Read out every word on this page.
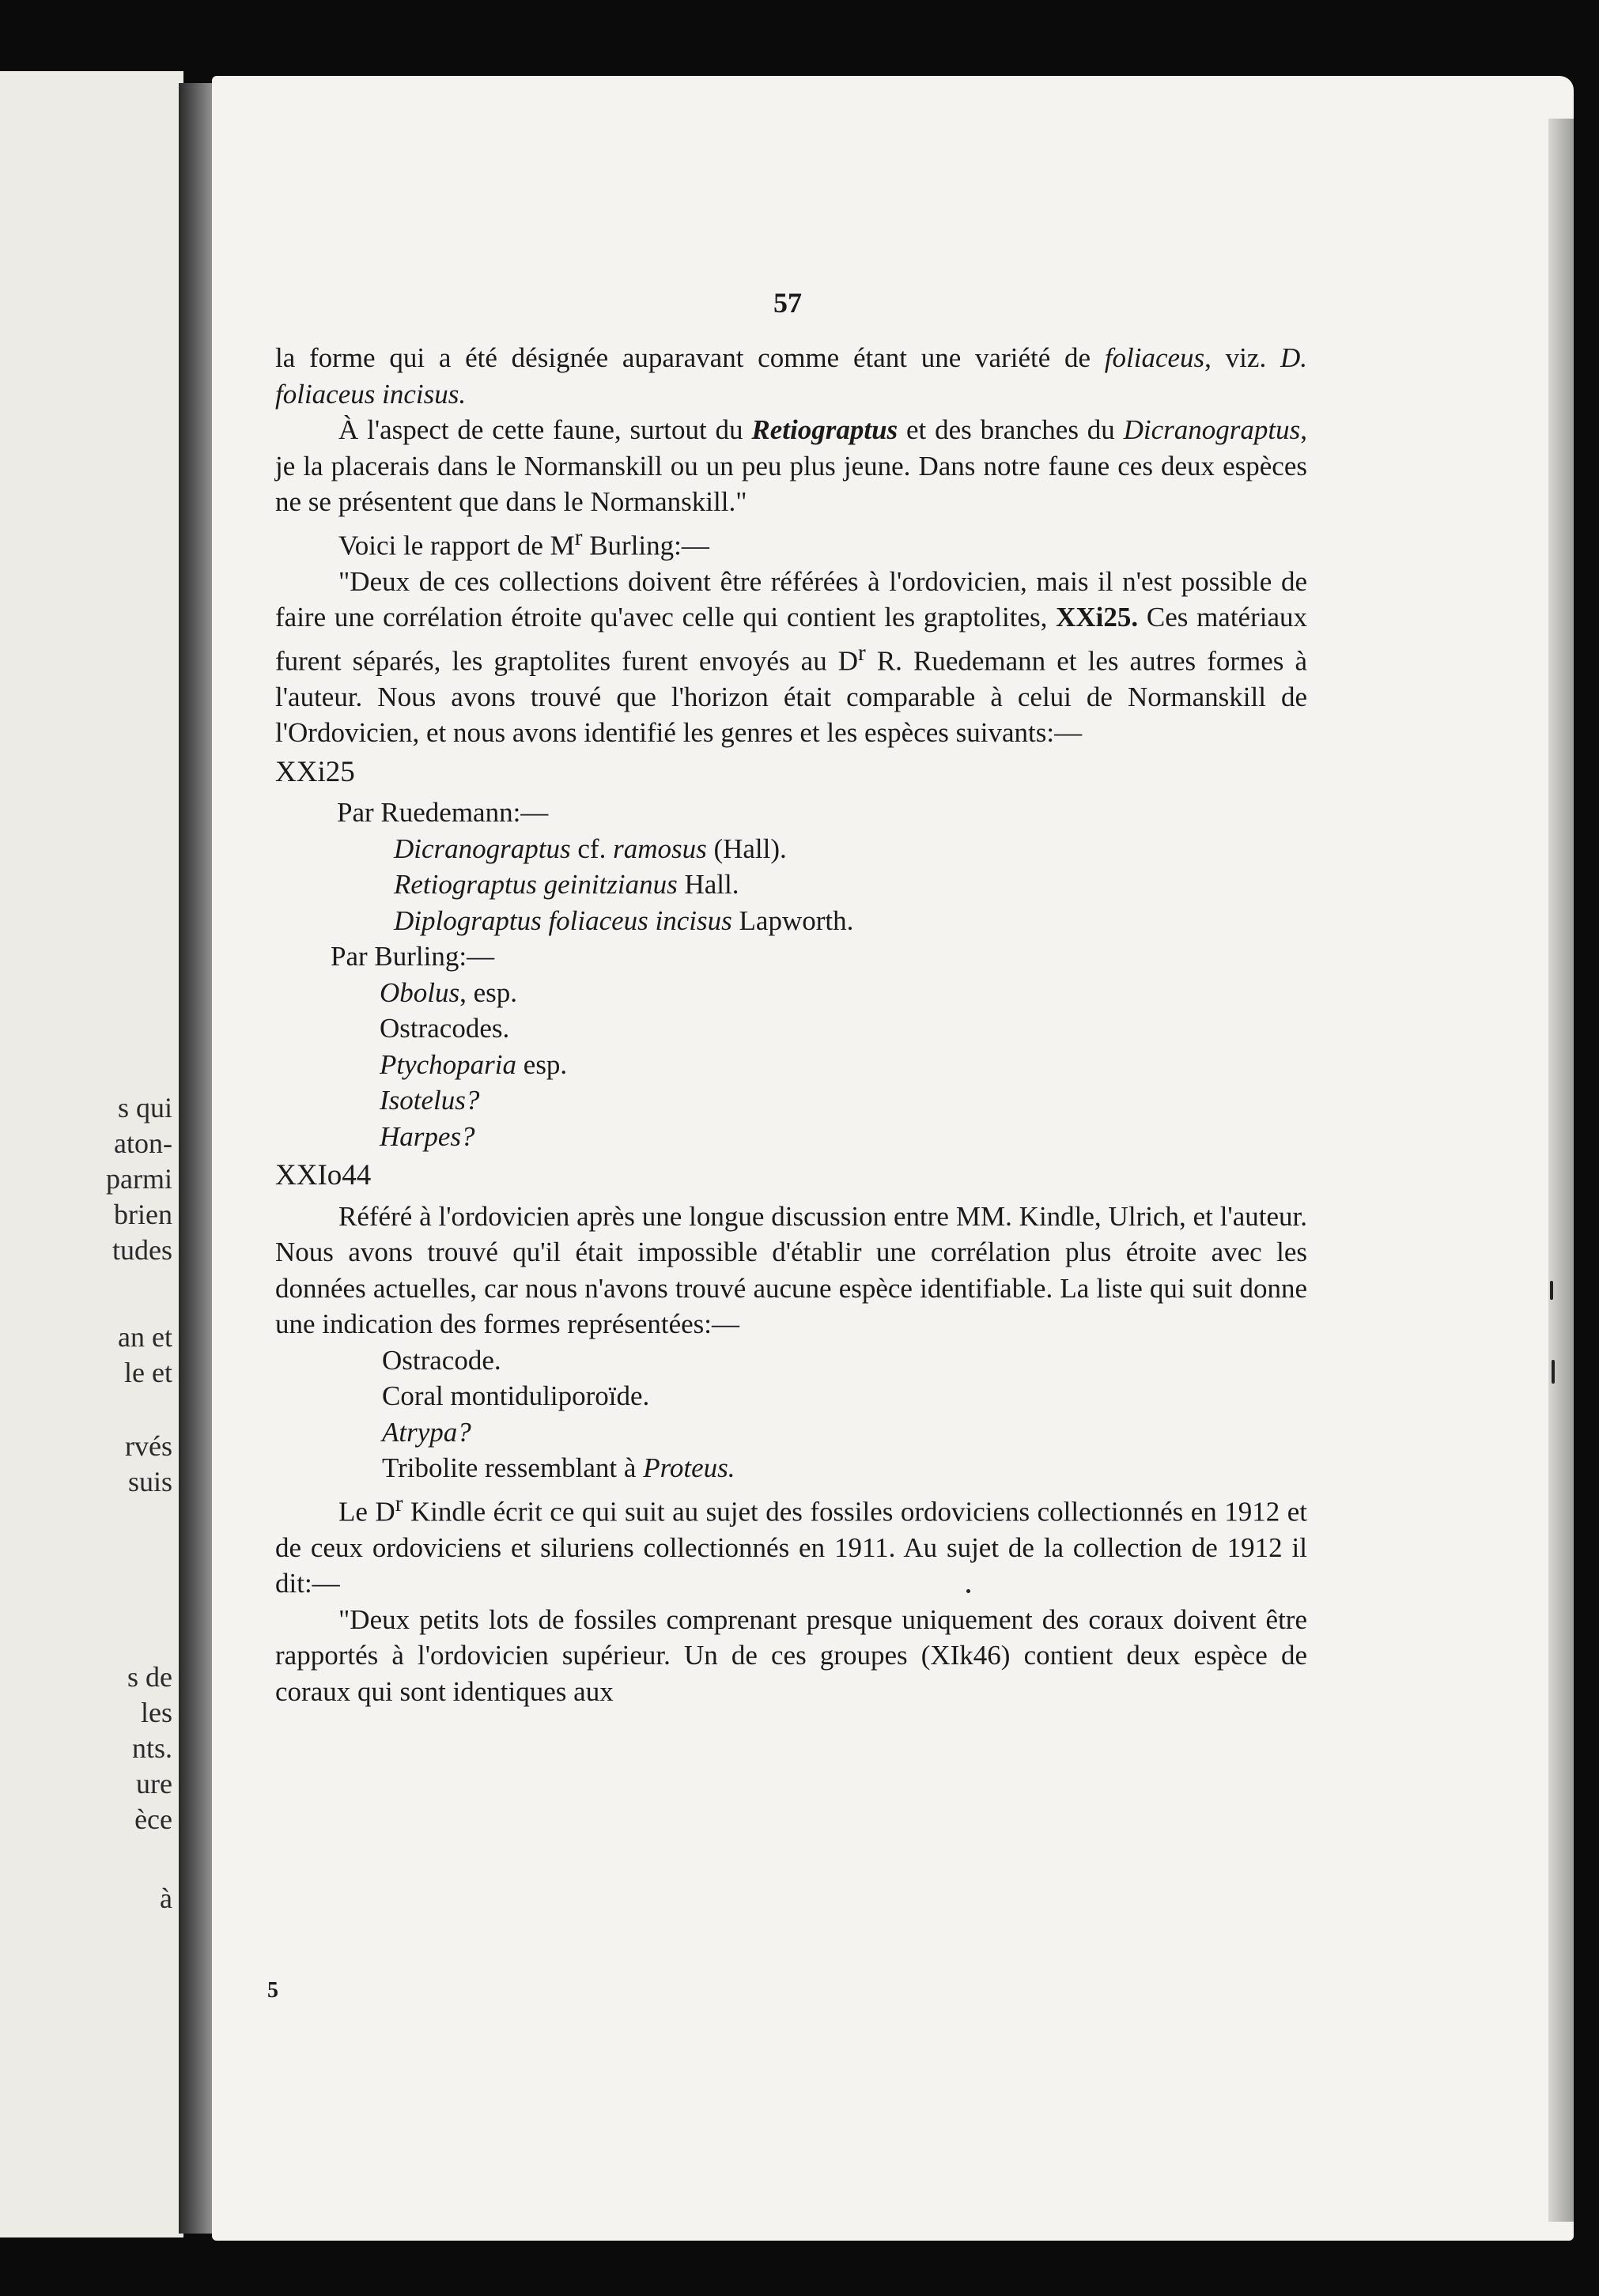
s qui
aton-
parmi
brien
tudes
an et
le et
rvés
suis
s de
les
nts.
ure
èce
à
57

la forme qui a été désignée auparavant comme étant une variété de foliaceus, viz. D. foliaceus incisus.

À l'aspect de cette faune, surtout du Retiograptus et des branches du Dicranograptus, je la placerais dans le Normanskill ou un peu plus jeune. Dans notre faune ces deux espèces ne se présentent que dans le Normanskill."

Voici le rapport de $M^r$ Burling:—

"Deux de ces collections doivent être référées à l'ordovicien, mais il n'est possible de faire une corrélation étroite qu'avec celle qui contient les graptolites, XXi25. Ces matériaux furent séparés, les graptolites furent envoyés au $D^r$ R. Ruedemann et les autres formes à l'auteur. Nous avons trouvé que l'horizon était comparable à celui de Normanskill de l'Ordovicien, et nous avons identifié les genres et les espèces suivants:—

XXi25

Par Ruedemann:—

Dicranograptus cf. ramosus (Hall).

Retiograptus geinitzianus Hall.

Diplograptus foliaceus incisus Lapworth.

Par Burling:—

Obolus, esp.

Ostracodes.

Ptychoparia esp.

Isotelus?

Harpes?

XXIo44

Référé à l'ordovicien après une longue discussion entre MM. Kindle, Ulrich, et l'auteur. Nous avons trouvé qu'il était impossible d'établir une corrélation plus étroite avec les données actuelles, car nous n'avons trouvé aucune espèce identifiable. La liste qui suit donne une indication des formes représentées:—

Ostracode.

Coral montiduliporoïde.

Atrypa?

Tribolite ressemblant à Proteus.

Le $D^r$ Kindle écrit ce qui suit au sujet des fossiles ordoviciens collectionnés en 1912 et de ceux ordoviciens et siluriens collectionnés en 1911. Au sujet de la collection de 1912 il dit:—

"Deux petits lots de fossiles comprenant presque uniquement des coraux doivent être rapportés à l'ordovicien supérieur. Un de ces groupes (XIk46) contient deux espèce de coraux qui sont identiques aux

5
